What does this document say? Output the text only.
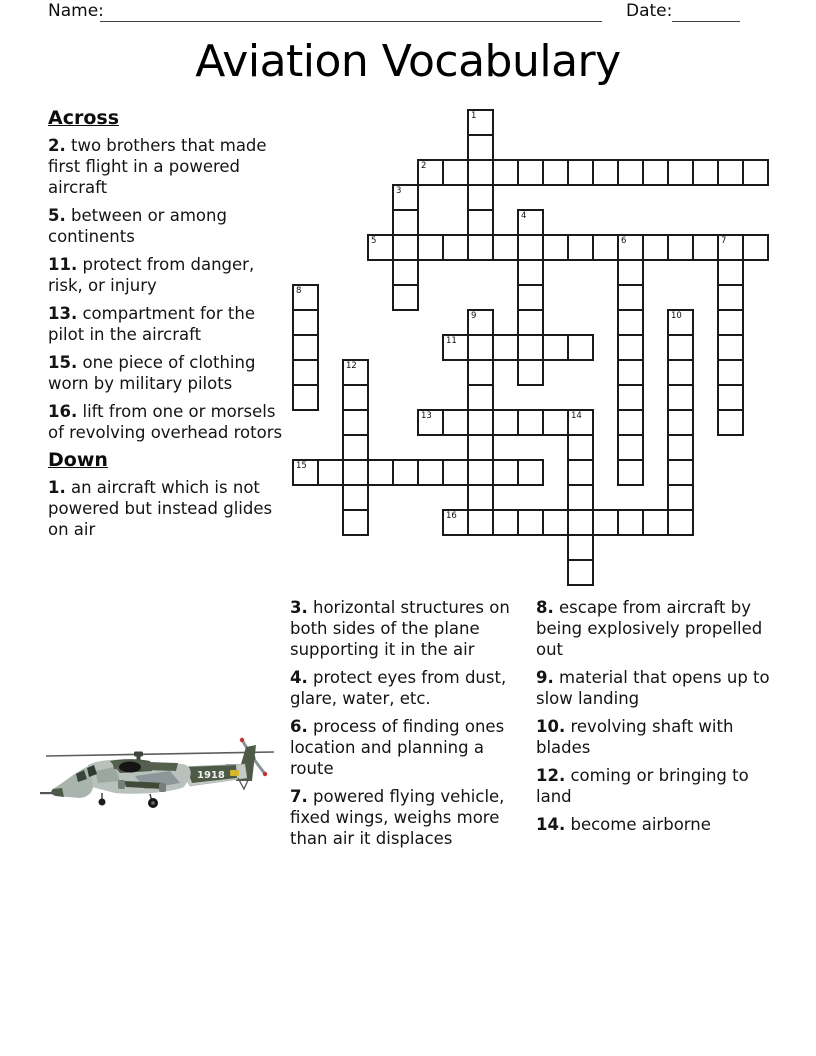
Name:	Date:
Aviation Vocabulary
Across
2. two brothers that made first flight in a powered aircraft
5. between or among continents
11. protect from danger, risk, or injury
13. compartment for the pilot in the aircraft
15. one piece of clothing worn by military pilots
16. lift from one or morsels of revolving overhead rotors
Down
1. an aircraft which is not powered but instead glides on air
1
2
3
4
5	6	7
8
9	10
11
12
13	14
15
16
3. horizontal structures on both sides of the plane supporting it in the air
4. protect eyes from dust, glare, water, etc.
6. process of finding ones location and planning a route
7. powered flying vehicle, fixed wings, weighs more than air it displaces
8. escape from aircraft by being explosively propelled out
9. material that opens up to slow landing
10. revolving shaft with blades
12. coming or bringing to land
14. become airborne
1918
